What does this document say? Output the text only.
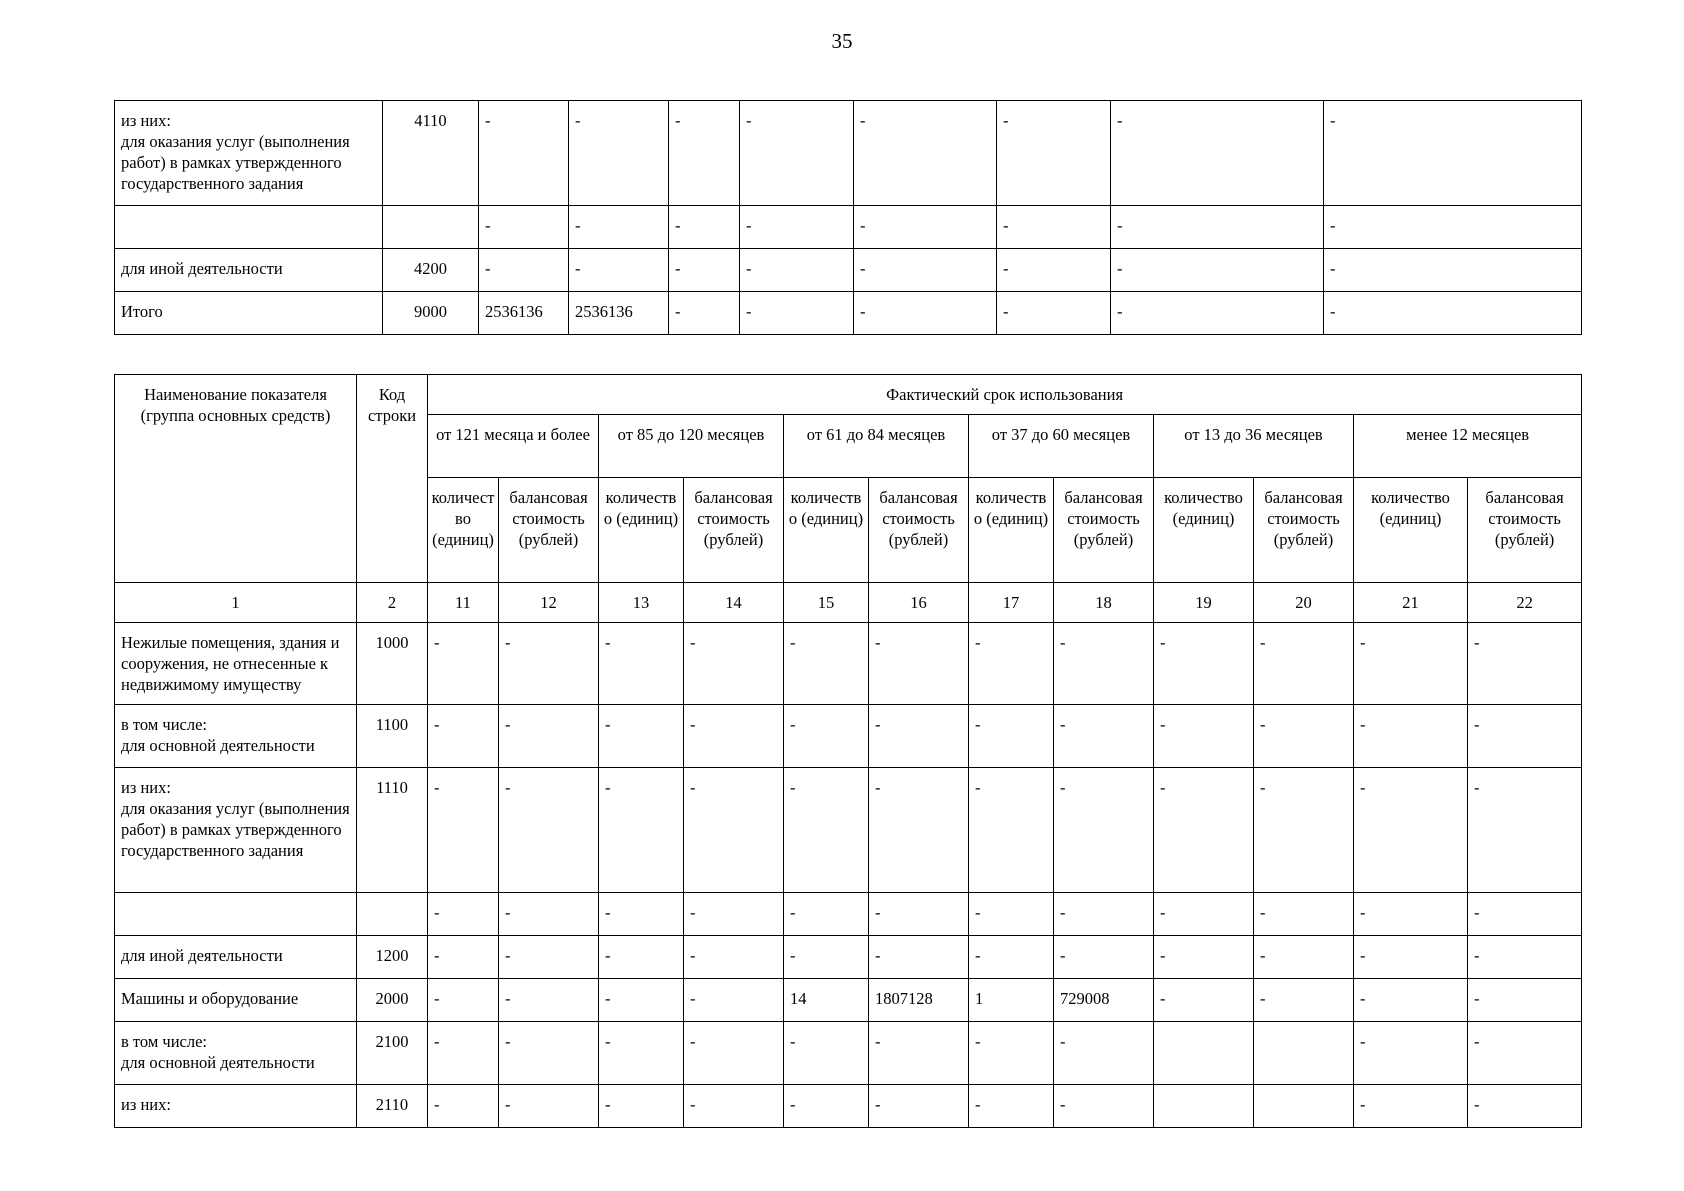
35
из них:
для оказания услуг (выполнения работ) в рамках утвержденного государственного задания	4110	-	-	-	-	-	-	-	-
		-	-	-	-	-	-	-	-
для иной деятельности	4200	-	-	-	-	-	-	-	-
Итого	9000	2536136	2536136	-	-	-	-	-	-
Наименование показателя (группа основных средств)	Код строки	Фактический срок использования											
		от 121 месяца и более		от 85 до 120 месяцев		от 61 до 84 месяцев		от 37 до 60 месяцев		от 13 до 36 месяцев		менее 12 месяцев	
		количество (единиц)	балансовая стоимость (рублей)	количество (единиц)	балансовая стоимость (рублей)	количество (единиц)	балансовая стоимость (рублей)	количество (единиц)	балансовая стоимость (рублей)	количество (единиц)	балансовая стоимость (рублей)	количество (единиц)	балансовая стоимость (рублей)
1	2	11	12	13	14	15	16	17	18	19	20	21	22
Нежилые помещения, здания и сооружения, не отнесенные к недвижимому имуществу	1000	-	-	-	-	-	-	-	-	-	-	-	-
в том числе:
для основной деятельности	1100	-	-	-	-	-	-	-	-	-	-	-	-
из них:
для оказания услуг (выполнения работ) в рамках утвержденного государственного задания	1110	-	-	-	-	-	-	-	-	-	-	-	-
		-	-	-	-	-	-	-	-	-	-	-	-
для иной деятельности	1200	-	-	-	-	-	-	-	-	-	-	-	-
Машины и оборудование	2000	-	-	-	-	14	1807128	1	729008	-	-	-	-
в том числе:
для основной деятельности	2100	-	-	-	-	-	-	-	-			-	-
из них:	2110	-	-	-	-	-	-	-	-			-	-
